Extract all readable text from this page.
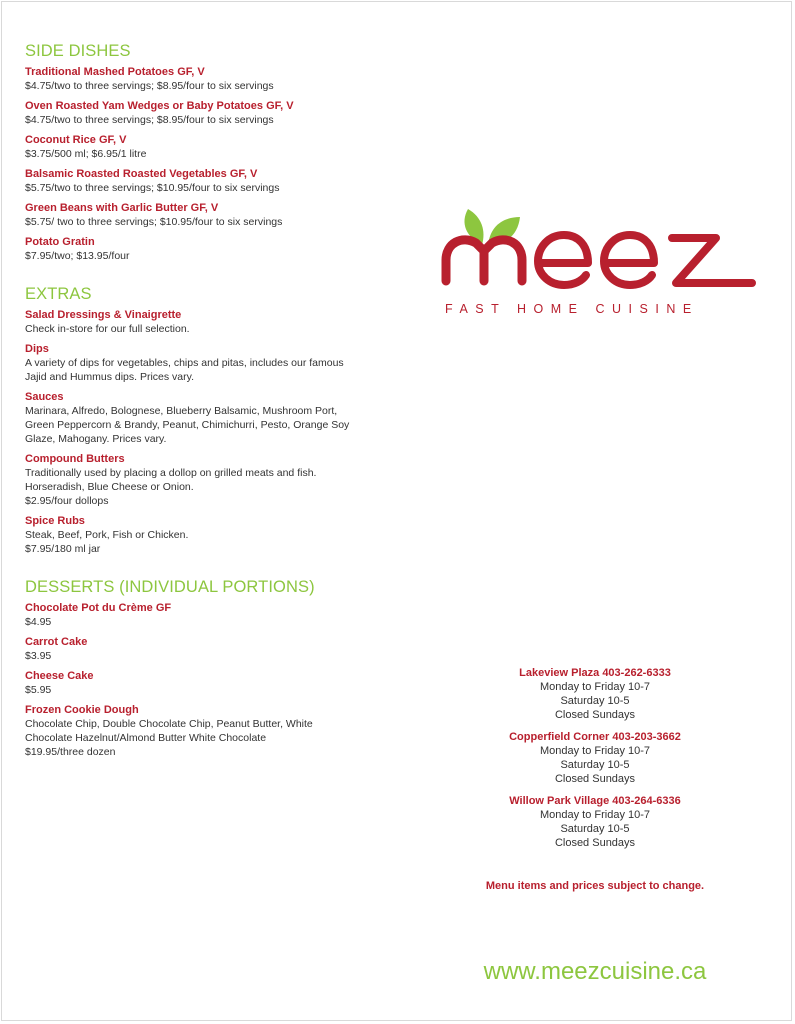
SIDE DISHES
Traditional Mashed Potatoes GF, V
$4.75/two to three servings; $8.95/four to six servings
Oven Roasted Yam Wedges or Baby Potatoes GF, V
$4.75/two to three servings; $8.95/four to six servings
Coconut Rice GF, V
$3.75/500 ml; $6.95/1 litre
Balsamic Roasted Roasted Vegetables GF, V
$5.75/two to three servings; $10.95/four to six servings
Green Beans with Garlic Butter GF, V
$5.75/ two to three servings; $10.95/four to six servings
Potato Gratin
$7.95/two; $13.95/four
EXTRAS
Salad Dressings & Vinaigrette
Check in-store for our full selection.
Dips
A variety of dips for vegetables, chips and pitas, includes our famous
Jajid and Hummus dips. Prices vary.
Sauces
Marinara, Alfredo, Bolognese, Blueberry Balsamic, Mushroom Port,
Green Peppercorn & Brandy, Peanut, Chimichurri, Pesto, Orange Soy
Glaze, Mahogany. Prices vary.
Compound Butters
Traditionally used by placing a dollop on grilled meats and fish.
Horseradish, Blue Cheese or Onion.
$2.95/four dollops
Spice Rubs
Steak, Beef, Pork, Fish or Chicken.
$7.95/180 ml jar
DESSERTS (INDIVIDUAL PORTIONS)
Chocolate Pot du Crème GF
$4.95
Carrot Cake
$3.95
Cheese Cake
$5.95
Frozen Cookie Dough
Chocolate Chip, Double Chocolate Chip, Peanut Butter, White
Chocolate Hazelnut/Almond Butter White Chocolate
$19.95/three dozen
meez
FAST HOME CUISINE
Lakeview Plaza 403-262-6333
Monday to Friday 10-7
Saturday 10-5
Closed Sundays
Copperfield Corner 403-203-3662
Monday to Friday 10-7
Saturday 10-5
Closed Sundays
Willow Park Village 403-264-6336
Monday to Friday 10-7
Saturday 10-5
Closed Sundays
Menu items and prices subject to change.
www.meezcuisine.ca
